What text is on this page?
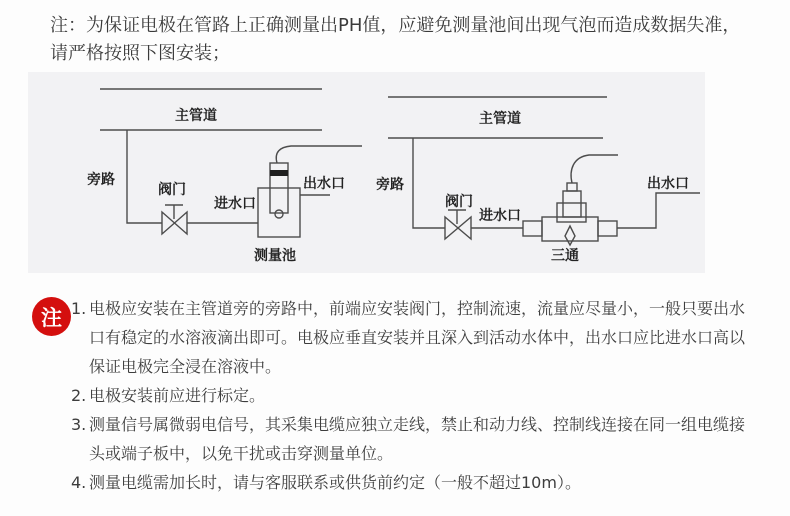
注：为保证电极在管路上正确测量出PH值，应避免测量池间出现气泡而造成数据失准，
请严格按照下图安装；
主管道
旁路
阀门
进水口
出水口
测量池
主管道
旁路
阀门
进水口
出水口
三通
注 1. 电极应安装在主管道旁的旁路中，前端应安装阀门，控制流速，流量应尽量小，一般只要出水
口有稳定的水溶液滴出即可。电极应垂直安装并且深入到活动水体中，出水口应比进水口高以
保证电极完全浸在溶液中。
2. 电极安装前应进行标定。
3. 测量信号属微弱电信号，其采集电缆应独立走线，禁止和动力线、控制线连接在同一组电缆接
头或端子板中，以免干扰或击穿测量单位。
4. 测量电缆需加长时，请与客服联系或供货前约定（一般不超过10m）。
